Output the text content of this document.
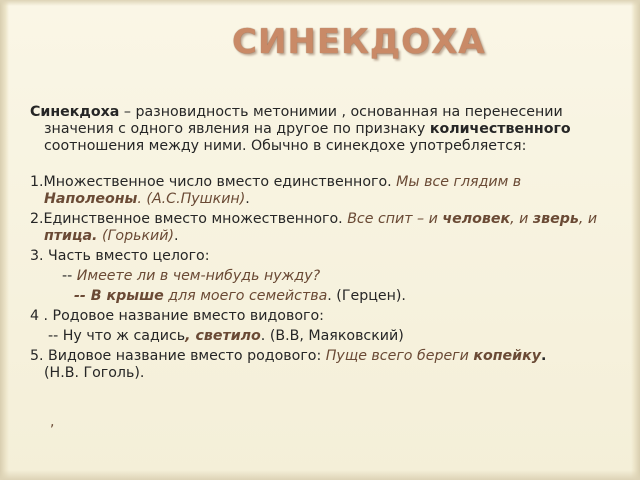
СИНЕКДОХА

Синекдоха – разновидность метонимии , основанная на перенесении значения с одного явления на другое по признаку количественного соотношения между ними. Обычно в синекдохе употребляется:

1.Множественное число вместо единственного. Мы все глядим в Наполеоны. (А.С.Пушкин).

2.Единственное вместо множественного. Все спит – и человек, и зверь, и птица. (Горький).

3. Часть вместо целого:

-- Имеете ли в чем-нибудь нужду?

-- В крыше для моего семейства. (Герцен).

4 . Родовое название вместо видового:

-- Ну что ж садись, светило. (В.В, Маяковский)

5. Видовое название вместо родового: Пуще всего береги копейку.(Н.В. Гоголь).

,
